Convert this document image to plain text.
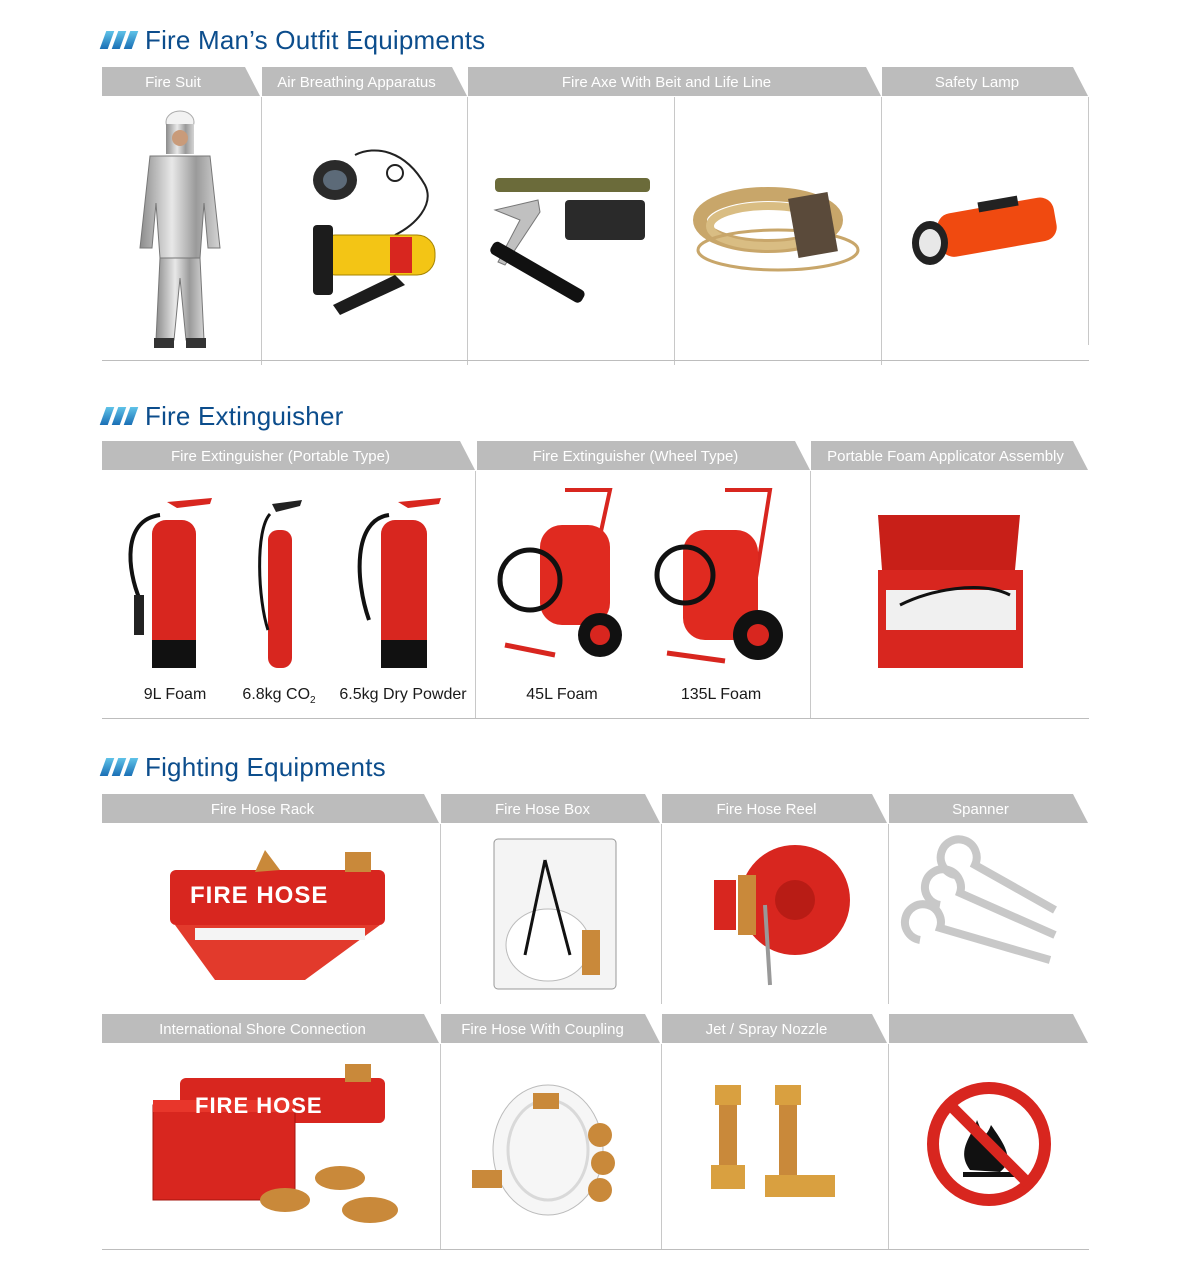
Fire Man’s Outfit Equipments
Fire Suit	Air Breathing Apparatus	Fire Axe With Beit and Life Line	Safety Lamp
Fire Extinguisher
Fire Extinguisher (Portable Type)	Fire Extinguisher (Wheel Type)	Portable Foam Applicator Assembly
9L Foam	6.8kg $CO_2$	6.5kg Dry Powder	45L Foam	135L Foam
Fighting Equipments
Fire Hose Rack	Fire Hose Box	Fire Hose Reel	Spanner
FIRE HOSE
International Shore Connection	Fire Hose With Coupling	Jet / Spray Nozzle
FIRE HOSE
